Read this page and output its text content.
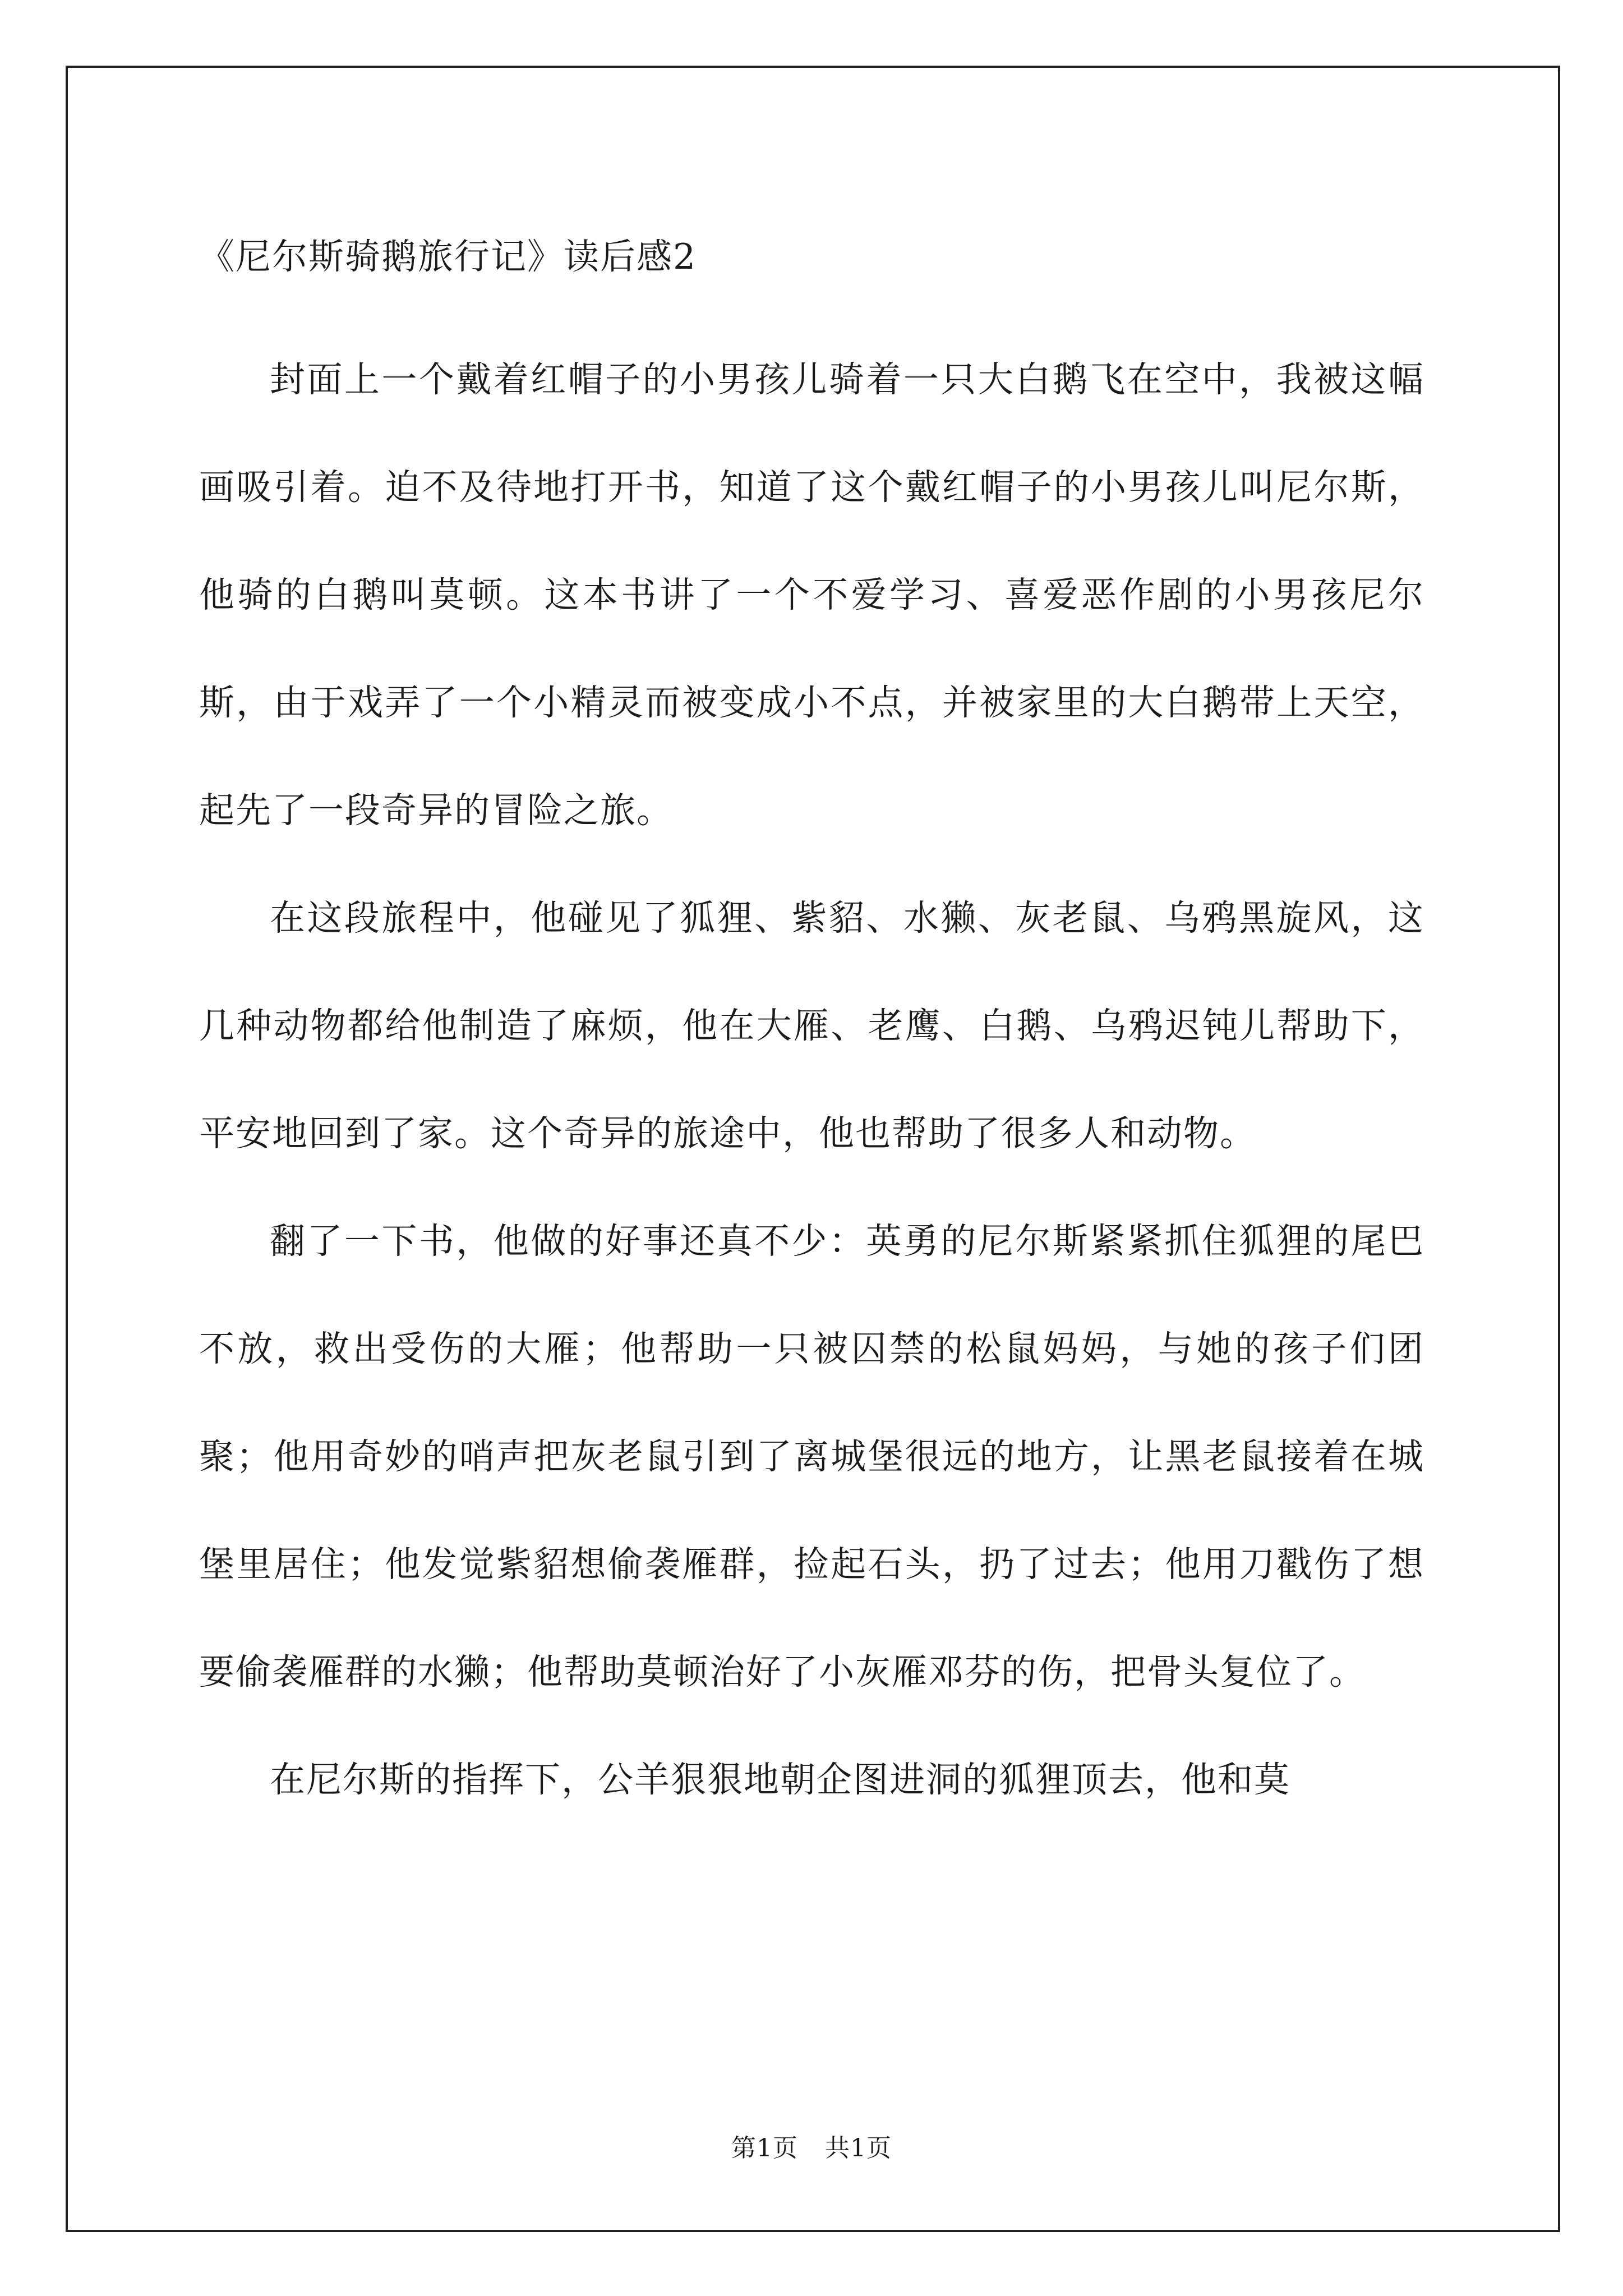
《尼尔斯骑鹅旅行记》读后感2

封面上一个戴着红帽子的小男孩儿骑着一只大白鹅飞在空中，我被这幅画吸引着。迫不及待地打开书，知道了这个戴红帽子的小男孩儿叫尼尔斯，他骑的白鹅叫莫顿。这本书讲了一个不爱学习、喜爱恶作剧的小男孩尼尔斯，由于戏弄了一个小精灵而被变成小不点，并被家里的大白鹅带上天空，起先了一段奇异的冒险之旅。

在这段旅程中，他碰见了狐狸、紫貂、水獭、灰老鼠、乌鸦黑旋风，这几种动物都给他制造了麻烦，他在大雁、老鹰、白鹅、乌鸦迟钝儿帮助下，平安地回到了家。这个奇异的旅途中，他也帮助了很多人和动物。

翻了一下书，他做的好事还真不少：英勇的尼尔斯紧紧抓住狐狸的尾巴不放，救出受伤的大雁；他帮助一只被囚禁的松鼠妈妈，与她的孩子们团聚；他用奇妙的哨声把灰老鼠引到了离城堡很远的地方，让黑老鼠接着在城堡里居住；他发觉紫貂想偷袭雁群，捡起石头，扔了过去；他用刀戳伤了想要偷袭雁群的水獭；他帮助莫顿治好了小灰雁邓芬的伤，把骨头复位了。

在尼尔斯的指挥下，公羊狠狠地朝企图进洞的狐狸顶去，他和莫

第1页 共1页
